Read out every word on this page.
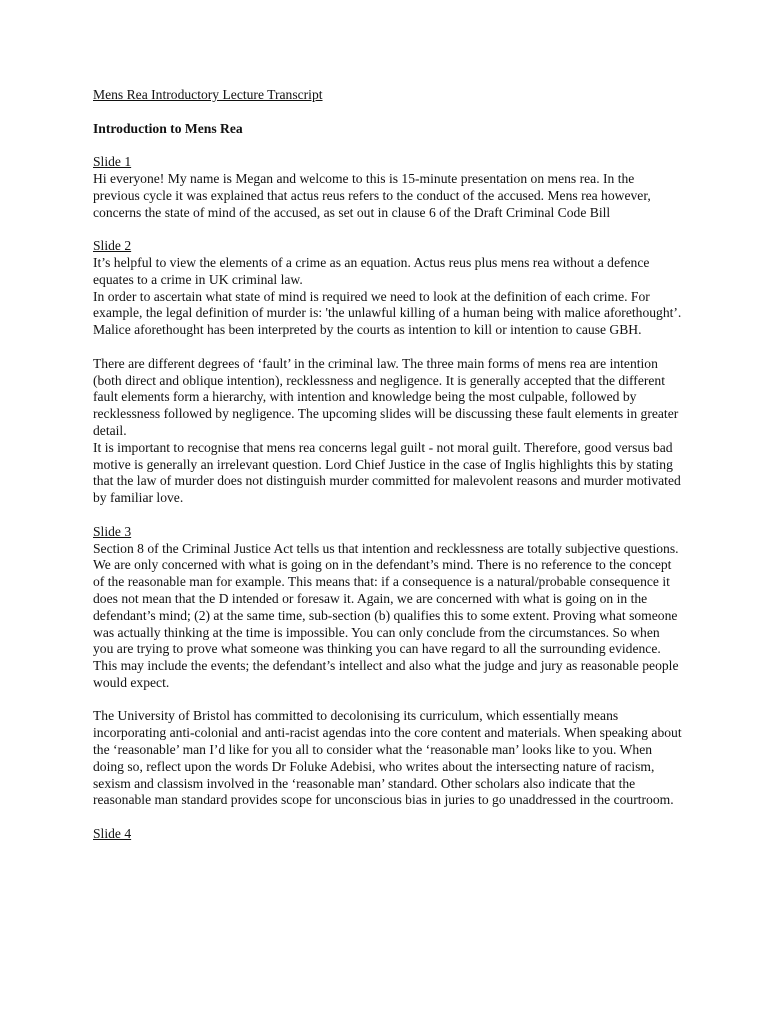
Mens Rea Introductory Lecture Transcript

Introduction to Mens Rea

Slide 1

Hi everyone! My name is Megan and welcome to this is 15-minute presentation on mens rea. In the previous cycle it was explained that actus reus refers to the conduct of the accused. Mens rea however, concerns the state of mind of the accused, as set out in clause 6 of the Draft Criminal Code Bill

Slide 2

It’s helpful to view the elements of a crime as an equation. Actus reus plus mens rea without a defence equates to a crime in UK criminal law.

In order to ascertain what state of mind is required we need to look at the definition of each crime. For example, the legal definition of murder is: 'the unlawful killing of a human being with malice aforethought’. Malice aforethought has been interpreted by the courts as intention to kill or intention to cause GBH.

There are different degrees of ‘fault’ in the criminal law. The three main forms of mens rea are intention (both direct and oblique intention), recklessness and negligence. It is generally accepted that the different fault elements form a hierarchy, with intention and knowledge being the most culpable, followed by recklessness followed by negligence. The upcoming slides will be discussing these fault elements in greater detail.

It is important to recognise that mens rea concerns legal guilt - not moral guilt. Therefore, good versus bad motive is generally an irrelevant question. Lord Chief Justice in the case of Inglis highlights this by stating that the law of murder does not distinguish murder committed for malevolent reasons and murder motivated by familiar love.

Slide 3

Section 8 of the Criminal Justice Act tells us that intention and recklessness are totally subjective questions. We are only concerned with what is going on in the defendant’s mind. There is no reference to the concept of the reasonable man for example. This means that: if a consequence is a natural/probable consequence it does not mean that the D intended or foresaw it. Again, we are concerned with what is going on in the defendant’s mind; (2) at the same time, sub-section (b) qualifies this to some extent. Proving what someone was actually thinking at the time is impossible. You can only conclude from the circumstances. So when you are trying to prove what someone was thinking you can have regard to all the surrounding evidence. This may include the events; the defendant’s intellect and also what the judge and jury as reasonable people would expect.

The University of Bristol has committed to decolonising its curriculum, which essentially means incorporating anti-colonial and anti-racist agendas into the core content and materials. When speaking about the ‘reasonable’ man I’d like for you all to consider what the ‘reasonable man’ looks like to you. When doing so, reflect upon the words Dr Foluke Adebisi, who writes about the intersecting nature of racism, sexism and classism involved in the ‘reasonable man’ standard. Other scholars also indicate that the reasonable man standard provides scope for unconscious bias in juries to go unaddressed in the courtroom.

Slide 4
